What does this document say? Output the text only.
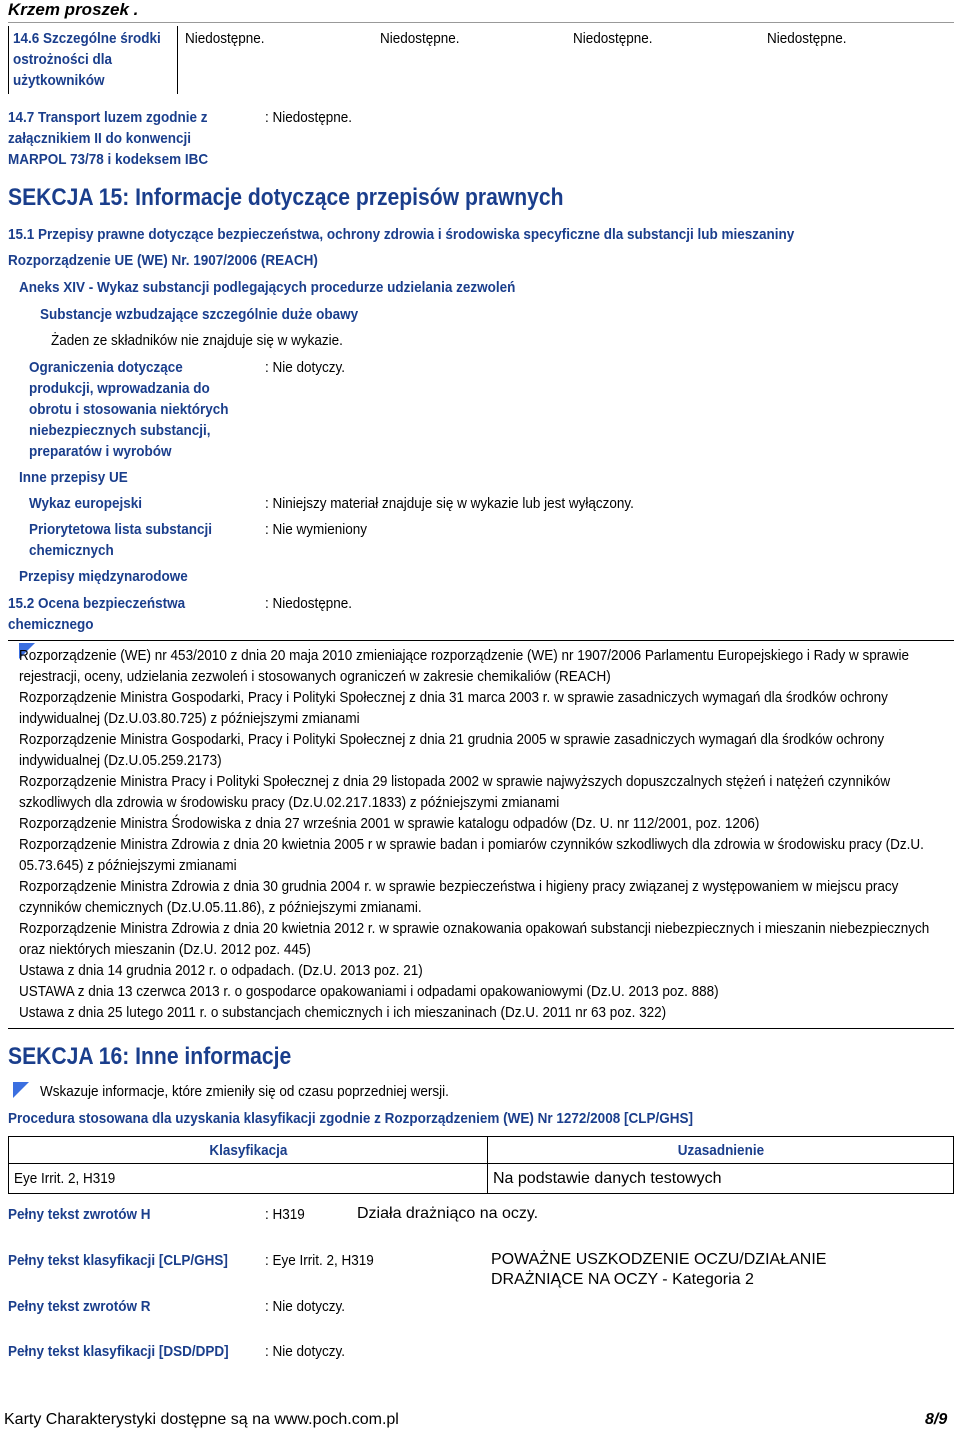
Krzem proszek .
14.6 Szczególne środki
ostrożności dla
użytkowników
Niedostępne.	Niedostępne.	Niedostępne.	Niedostępne.
14.7 Transport luzem zgodnie z
załącznikiem II do konwencji
MARPOL 73/78 i kodeksem IBC
: Niedostępne.
SEKCJA 15: Informacje dotyczące przepisów prawnych
15.1 Przepisy prawne dotyczące bezpieczeństwa, ochrony zdrowia i środowiska specyficzne dla substancji lub mieszaniny
Rozporządzenie UE (WE) Nr. 1907/2006 (REACH)
Aneks XIV - Wykaz substancji podlegających procedurze udzielania zezwoleń
Substancje wzbudzające szczególnie duże obawy
Żaden ze składników nie znajduje się w wykazie.
Ograniczenia dotyczące
produkcji, wprowadzania do
obrotu i stosowania niektórych
niebezpiecznych substancji,
preparatów i wyrobów
: Nie dotyczy.
Inne przepisy UE
Wykaz europejski	: Niniejszy materiał znajduje się w wykazie lub jest wyłączony.
Priorytetowa lista substancji
chemicznych
: Nie wymieniony
Przepisy międzynarodowe
15.2 Ocena bezpieczeństwa
chemicznego
: Niedostępne.
Rozporządzenie (WE) nr 453/2010 z dnia 20 maja 2010 zmieniające rozporządzenie (WE) nr 1907/2006 Parlamentu Europejskiego i Rady w sprawie rejestracji, oceny, udzielania zezwoleń i stosowanych ograniczeń w zakresie chemikaliów (REACH)
Rozporządzenie Ministra Gospodarki, Pracy i Polityki Społecznej z dnia 31 marca 2003 r. w sprawie zasadniczych wymagań dla środków ochrony indywidualnej (Dz.U.03.80.725) z późniejszymi zmianami
Rozporządzenie Ministra Gospodarki, Pracy i Polityki Społecznej z dnia 21 grudnia 2005 w sprawie zasadniczych wymagań dla środków ochrony indywidualnej (Dz.U.05.259.2173)
Rozporządzenie Ministra Pracy i Polityki Społecznej z dnia 29 listopada 2002 w sprawie najwyższych dopuszczalnych stężeń i natężeń czynników szkodliwych dla zdrowia w środowisku pracy (Dz.U.02.217.1833) z późniejszymi zmianami
Rozporządzenie Ministra Środowiska z dnia 27 września 2001 w sprawie katalogu odpadów (Dz. U. nr 112/2001, poz. 1206)
Rozporządzenie Ministra Zdrowia z dnia 20 kwietnia 2005 r w sprawie badan i pomiarów czynników szkodliwych dla zdrowia w środowisku pracy (Dz.U. 05.73.645) z późniejszymi zmianami
Rozporządzenie Ministra Zdrowia z dnia 30 grudnia 2004 r. w sprawie bezpieczeństwa i higieny pracy związanej z występowaniem w miejscu pracy czynników chemicznych (Dz.U.05.11.86), z późniejszymi zmianami.
Rozporządzenie Ministra Zdrowia z dnia 20 kwietnia 2012 r. w sprawie oznakowania opakowań substancji niebezpiecznych i mieszanin niebezpiecznych oraz niektórych mieszanin (Dz.U. 2012 poz. 445)
Ustawa z dnia 14 grudnia 2012 r. o odpadach. (Dz.U. 2013 poz. 21)
USTAWA z dnia 13 czerwca 2013 r. o gospodarce opakowaniami i odpadami opakowaniowymi (Dz.U. 2013 poz. 888)
Ustawa z dnia 25 lutego 2011 r. o substancjach chemicznych i ich mieszaninach (Dz.U. 2011 nr 63 poz. 322)
SEKCJA 16: Inne informacje
Wskazuje informacje, które zmieniły się od czasu poprzedniej wersji.
Procedura stosowana dla uzyskania klasyfikacji zgodnie z Rozporządzeniem (WE) Nr 1272/2008 [CLP/GHS]
Klasyfikacja	Uzasadnienie
Eye Irrit. 2, H319	Na podstawie danych testowych
Pełny tekst zwrotów H	: H319	Działa drażniąco na oczy.
Pełny tekst klasyfikacji [CLP/GHS] : Eye Irrit. 2, H319	POWAŻNE USZKODZENIE OCZU/DZIAŁANIE
DRAŻNIĄCE NA OCZY - Kategoria 2
Pełny tekst zwrotów R	: Nie dotyczy.
Pełny tekst klasyfikacji [DSD/DPD] : Nie dotyczy.
Karty Charakterystyki dostępne są na www.poch.com.pl	8/9
